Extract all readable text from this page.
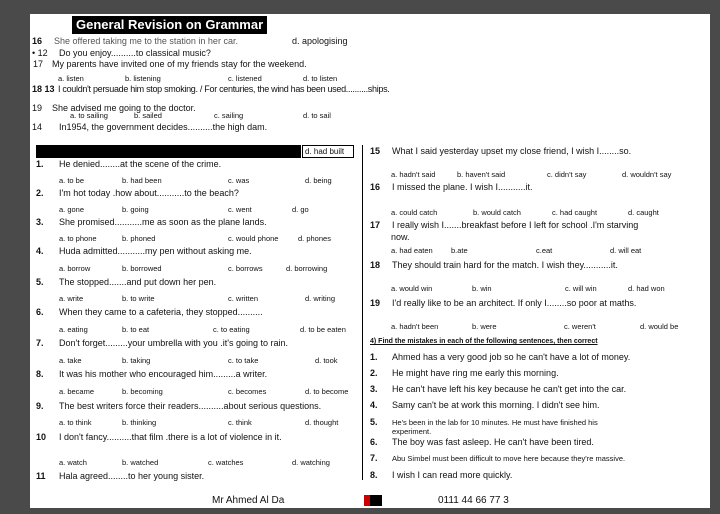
General Revision on Grammar
16 She offered taking me to the station in her car.	d. apologising
• 12 Do you enjoy..........to classical music?
17 My parents have invited one of my friends stay for the weekend.
a. listen	b. listening	c. listened	d. to listen
18 13 I couldn't persuade him stop smoking. / For centuries, the wind has been used..........ships.
19 She advised me going to the doctor.
a. to sailing	b. sailed	c. sailing	d. to sail
14 In1954, the government decides..........the high dam.
d. had built
1. He denied........at the scene of the crime.
a. to be	b. had been	c. was	d. being
2. I'm hot today .how about...........to the beach?
a. gone	b. going	c. went	d. go
3. She promised...........me as soon as the plane lands.
a. to phone	b. phoned	c. would phone	d. phones
4. Huda admitted...........my pen without asking me.
a. borrow	b. borrowed	c. borrows	d. borrowing
5. The stopped.......and put down her pen.
a. write	b. to write	c. written	d. writing
6. When they came to a cafeteria, they stopped..........
a. eating	b. to eat	c. to eating	d. to be eaten
7. Don't forget.........your umbrella with you .it's going to rain.
a. take	b. taking	c. to take	d. took
8. It was his mother who encouraged him.........a writer.
a. became	b. becoming	c. becomes	d. to become
9. The best writers force their readers..........about serious questions.
a. to think	b. thinking	c. think	d. thought
10 I don't fancy..........that film .there is a lot of violence in it.
a. watch	b. watched	c. watches	d. watching
11 Hala agreed........to her young sister.
15 What I said yesterday upset my close friend, I wish I........so.
a. hadn't said	b. haven't said	c. didn't say	d. wouldn't say
16 I missed the plane. I wish I...........it.
a. could catch	b. would catch	c. had caught	d. caught
17 I really wish I.......breakfast before I left for school .I'm starving
now.
a. had eaten b.ate	c.eat	d. will eat
18 They should train hard for the match. I wish they...........it.
a. would win	b. win	c. will win	d. had won
19 I'd really like to be an architect. If only I........so poor at maths.
a. hadn't been	b. were	c. weren't	d. would be
4) Find the mistakes in each of the following sentences, then correct
1. Ahmed has a very good job so he can't have a lot of money.
2. He might have ring me early this morning.
3. He can't have left his key because he can't get into the car.
4. Samy can't be at work this morning. I didn't see him.
5. He's been in the lab for 10 minutes. He must have finished his
experiment.
6. The boy was fast asleep. He can't have been tired.
7. Abu Simbel must been difficult to move here because they're massive.
8. I wish I can read more quickly.
Mr Ahmed Al Da	0111 44 66 77 3
